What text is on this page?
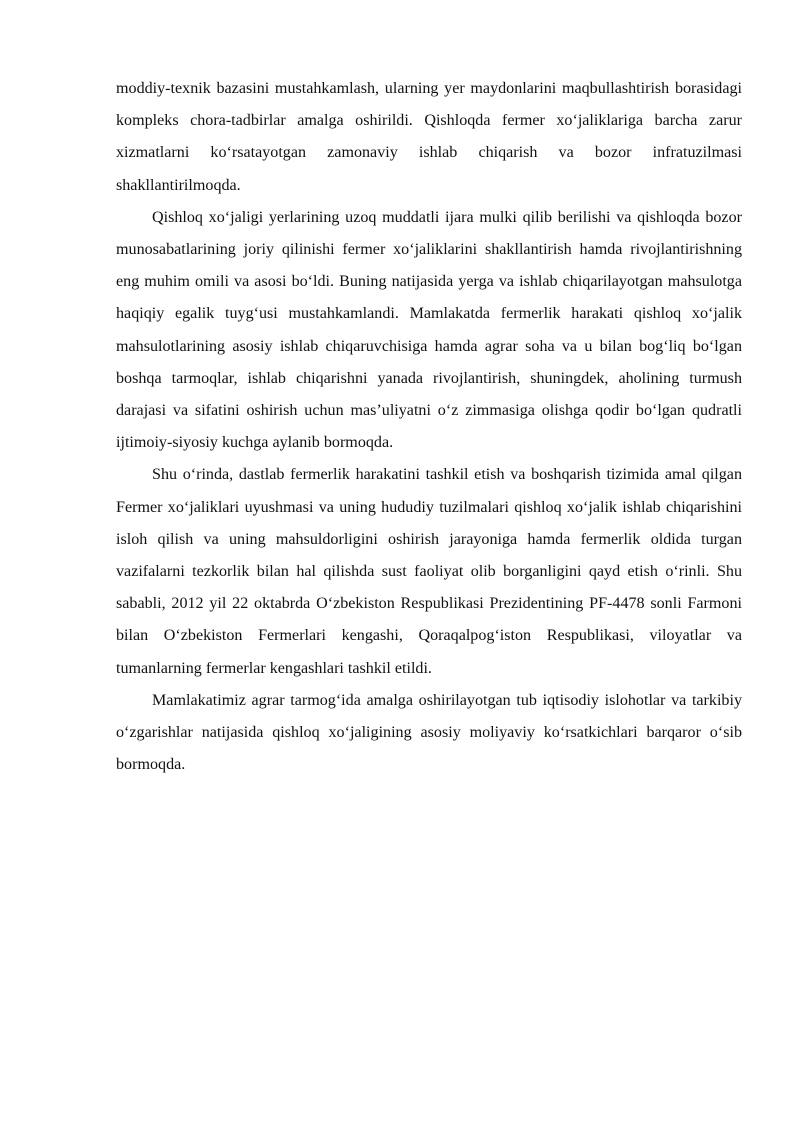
moddiy-texnik bazasini mustahkamlash, ularning yer maydonlarini maqbullashtirish borasidagi kompleks chora-tadbirlar amalga oshirildi. Qishloqda fermer xo‘jaliklariga barcha zarur xizmatlarni ko‘rsatayotgan zamonaviy ishlab chiqarish va bozor infratuzilmasi shakllantirilmoqda.

Qishloq xo‘jaligi yerlarining uzoq muddatli ijara mulki qilib berilishi va qishloqda bozor munosabatlarining joriy qilinishi fermer xo‘jaliklarini shakllantirish hamda rivojlantirishning eng muhim omili va asosi bo‘ldi. Buning natijasida yerga va ishlab chiqarilayotgan mahsulotga haqiqiy egalik tuyg‘usi mustahkamlandi. Mamlakatda fermerlik harakati qishloq xo‘jalik mahsulotlarining asosiy ishlab chiqaruvchisiga hamda agrar soha va u bilan bog‘liq bo‘lgan boshqa tarmoqlar, ishlab chiqarishni yanada rivojlantirish, shuningdek, aholining turmush darajasi va sifatini oshirish uchun mas’uliyatni o‘z zimmasiga olishga qodir bo‘lgan qudratli ijtimoiy-siyosiy kuchga aylanib bormoqda.

Shu o‘rinda, dastlab fermerlik harakatini tashkil etish va boshqarish tizimida amal qilgan Fermer xo‘jaliklari uyushmasi va uning hududiy tuzilmalari qishloq xo‘jalik ishlab chiqarishini isloh qilish va uning mahsuldorligini oshirish jarayoniga hamda fermerlik oldida turgan vazifalarni tezkorlik bilan hal qilishda sust faoliyat olib borganligini qayd etish o‘rinli. Shu sababli, 2012 yil 22 oktabrda O‘zbekiston Respublikasi Prezidentining PF-4478 sonli Farmoni bilan O‘zbekiston Fermerlari kengashi, Qoraqalpog‘iston Respublikasi, viloyatlar va tumanlarning fermerlar kengashlari tashkil etildi.

Mamlakatimiz agrar tarmog‘ida amalga oshirilayotgan tub iqtisodiy islohotlar va tarkibiy o‘zgarishlar natijasida qishloq xo‘jaligining asosiy moliyaviy ko‘rsatkichlari barqaror o‘sib bormoqda.
